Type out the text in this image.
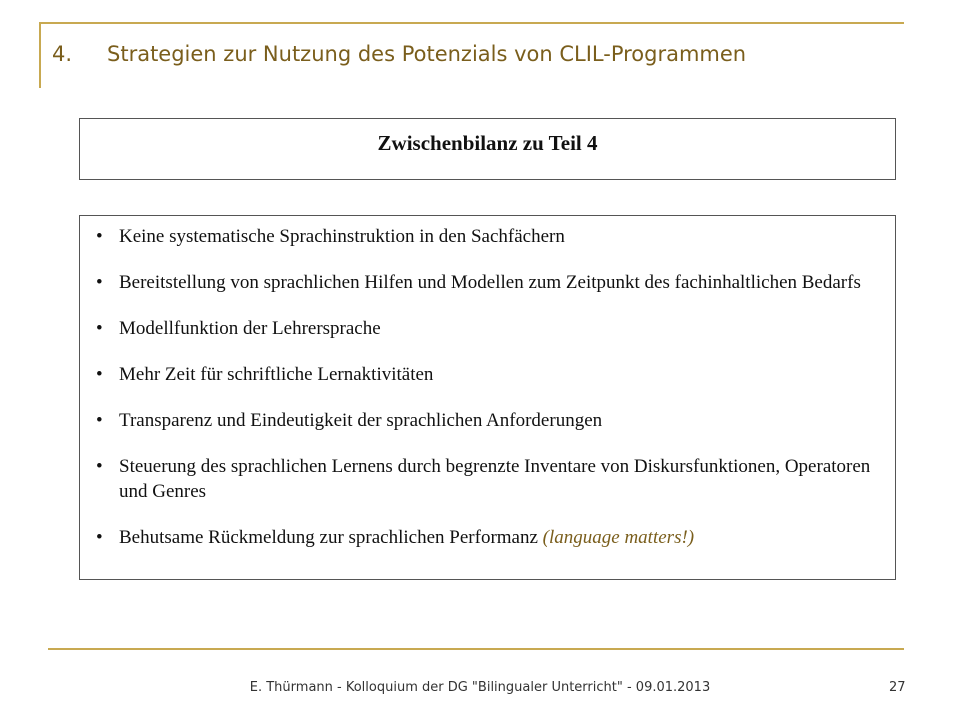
4. Strategien zur Nutzung des Potenzials von CLIL-Programmen
Zwischenbilanz zu Teil 4
• Keine systematische Sprachinstruktion in den Sachfächern
• Bereitstellung von sprachlichen Hilfen und Modellen zum Zeitpunkt des fachinhaltlichen Bedarfs
• Modellfunktion der Lehrersprache
• Mehr Zeit für schriftliche Lernaktivitäten
• Transparenz und Eindeutigkeit der sprachlichen Anforderungen
• Steuerung des sprachlichen Lernens durch begrenzte Inventare von Diskursfunktionen, Operatoren und Genres
• Behutsame Rückmeldung zur sprachlichen Performanz (language matters!)
E. Thürmann - Kolloquium der DG "Bilingualer Unterricht" - 09.01.2013	27
